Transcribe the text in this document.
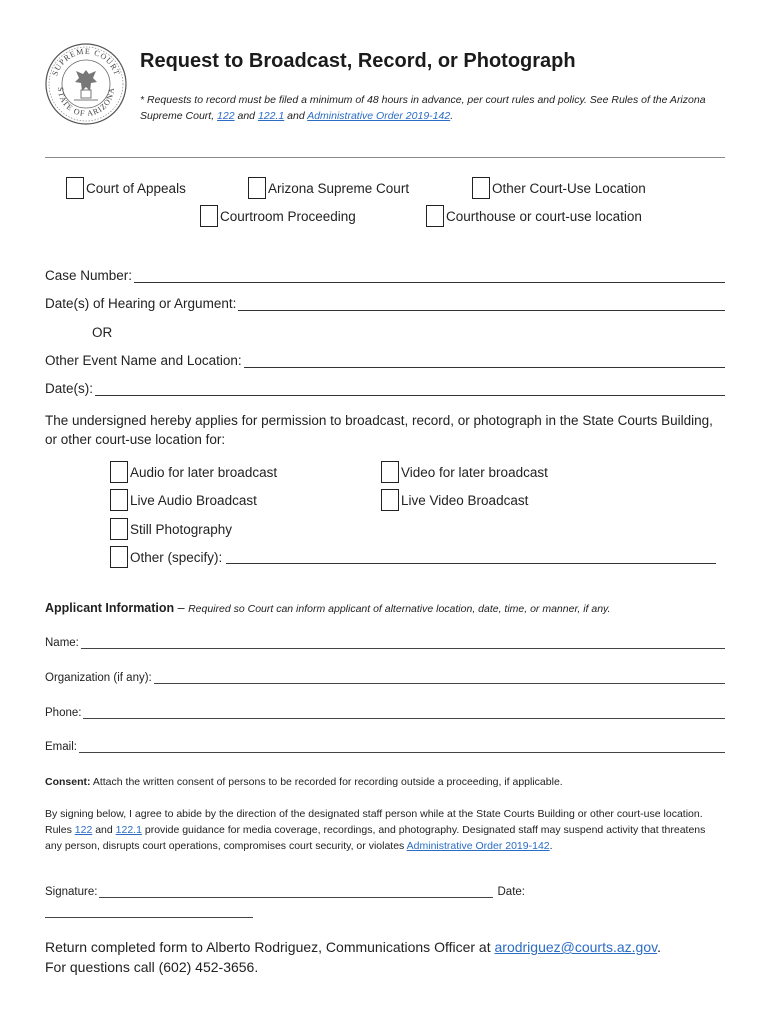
SUPREME COURT
STATE OF ARIZONA
Request to Broadcast, Record, or Photograph
* Requests to record must be filed a minimum of 48 hours in advance, per court rules and policy. See Rules of the Arizona Supreme Court, 122 and 122.1 and Administrative Order 2019-142.
Court of Appeals	Arizona Supreme Court	Other Court-Use Location
Courtroom Proceeding	Courthouse or court-use location
Case Number:
Date(s) of Hearing or Argument:
OR
Other Event Name and Location:
Date(s):
The undersigned hereby applies for permission to broadcast, record, or photograph in the State Courts Building, or other court-use location for:
Audio for later broadcast	Video for later broadcast
Live Audio Broadcast	Live Video Broadcast
Still Photography
Other (specify):
Applicant Information – Required so Court can inform applicant of alternative location, date, time, or manner, if any.
Name:
Organization (if any):
Phone:
Email:
Consent: Attach the written consent of persons to be recorded for recording outside a proceeding, if applicable.
By signing below, I agree to abide by the direction of the designated staff person while at the State Courts Building or other court-use location. Rules 122 and 122.1 provide guidance for media coverage, recordings, and photography. Designated staff may suspend activity that threatens any person, disrupts court operations, compromises court security, or violates Administrative Order 2019-142.
Signature:	Date:
Return completed form to Alberto Rodriguez, Communications Officer at arodriguez@courts.az.gov.
For questions call (602) 452-3656.
